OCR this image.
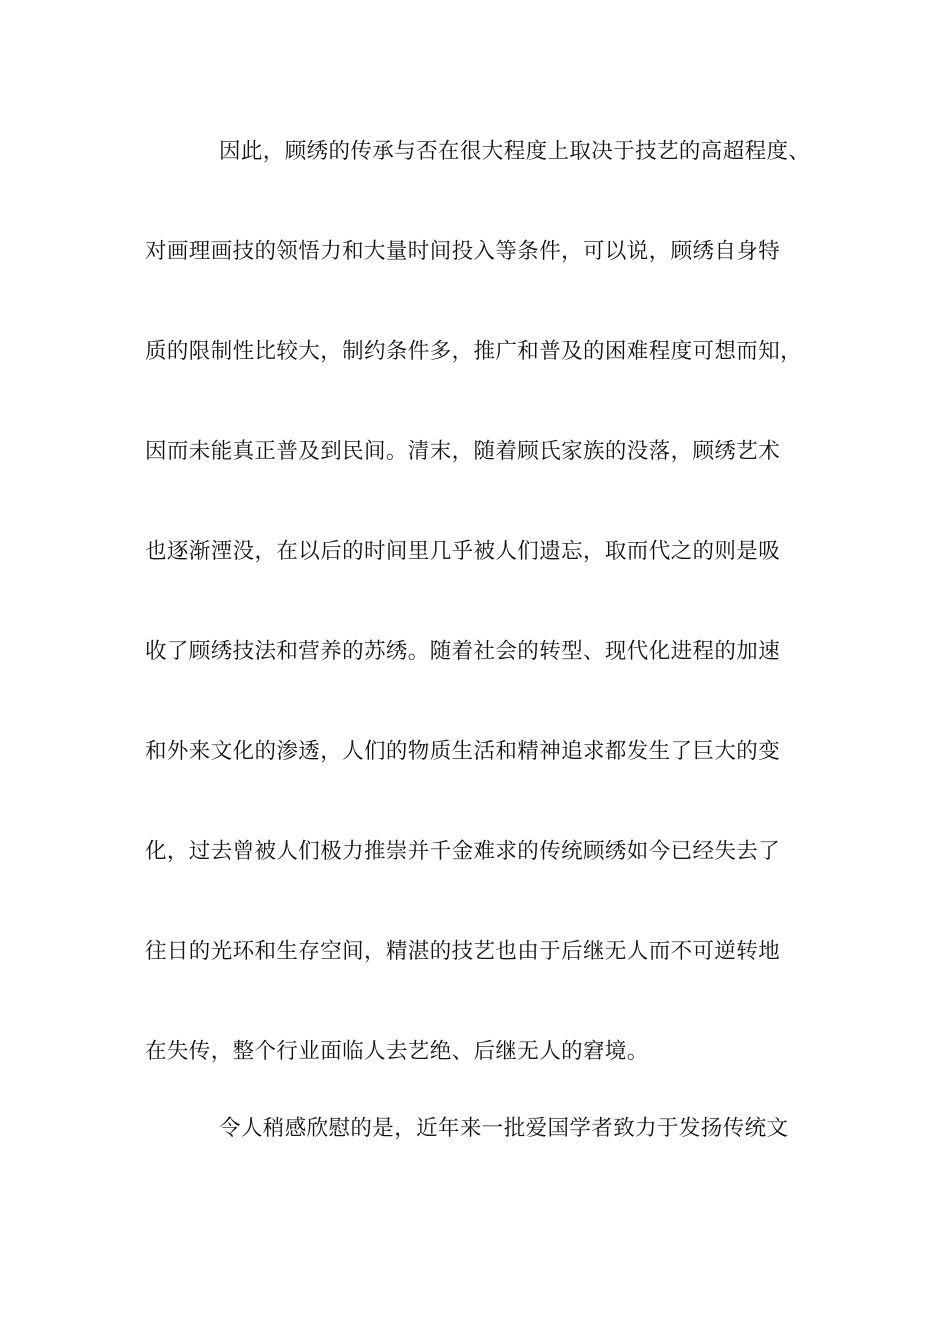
因此，顾绣的传承与否在很大程度上取决于技艺的高超程度、
对画理画技的领悟力和大量时间投入等条件，可以说，顾绣自身特
质的限制性比较大，制约条件多，推广和普及的困难程度可想而知，
因而未能真正普及到民间。清末，随着顾氏家族的没落，顾绣艺术
也逐渐湮没，在以后的时间里几乎被人们遗忘，取而代之的则是吸
收了顾绣技法和营养的苏绣。随着社会的转型、现代化进程的加速
和外来文化的渗透，人们的物质生活和精神追求都发生了巨大的变
化，过去曾被人们极力推崇并千金难求的传统顾绣如今已经失去了
往日的光环和生存空间，精湛的技艺也由于后继无人而不可逆转地
在失传，整个行业面临人去艺绝、后继无人的窘境。
令人稍感欣慰的是，近年来一批爱国学者致力于发扬传统文
